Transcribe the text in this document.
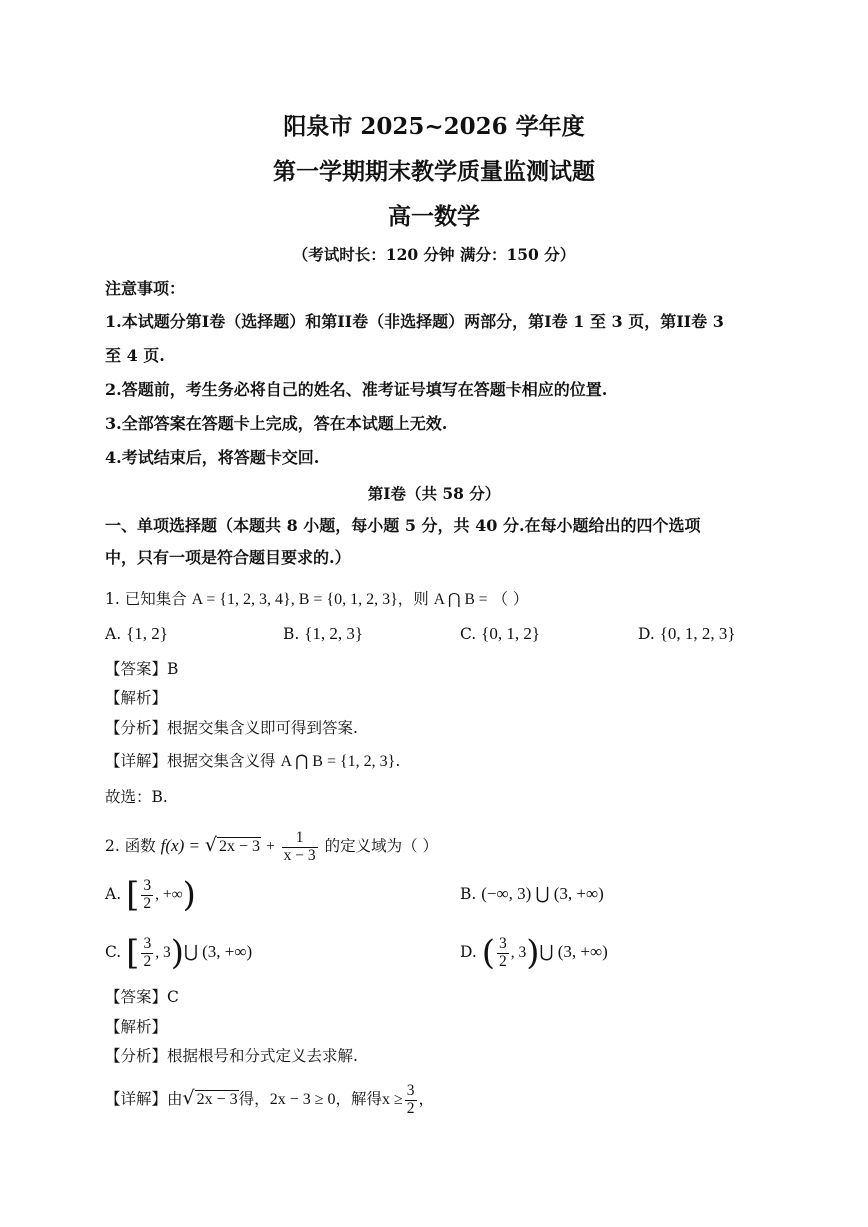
阳泉市 2025~2026 学年度
第一学期期末教学质量监测试题
高一数学
（考试时长：120 分钟 满分：150 分）
注意事项：
1.本试题分第I卷（选择题）和第II卷（非选择题）两部分，第I卷 1 至 3 页，第II卷 3
至 4 页.
2.答题前，考生务必将自己的姓名、准考证号填写在答题卡相应的位置.
3.全部答案在答题卡上完成，答在本试题上无效.
4.考试结束后，将答题卡交回.
第I卷（共 58 分）
一、单项选择题（本题共 8 小题，每小题 5 分，共 40 分.在每小题给出的四个选项
中，只有一项是符合题目要求的.）
1. 已知集合 A = {1, 2, 3, 4}, B = {0, 1, 2, 3}，则 A ⋂ B = （ ）
A. {1, 2}	B. {1, 2, 3}	C. {0, 1, 2}	D. {0, 1, 2, 3}
【答案】B
【解析】
【分析】根据交集含义即可得到答案.
【详解】根据交集含义得 A ⋂ B = {1, 2, 3}.
故选：B.
2. 函数 f(x) = √ $2x - 3 + \frac{1}{x - 3}$ 的定义域为（ ）
A. [ $\frac{3}{2}$ , +∞)	B. (−∞, 3) ⋃ (3, +∞)
C. [ $\frac{3}{2}$ , 3)⋃ (3, +∞)	D. ( $\frac{3}{2}$ , 3)⋃ (3, +∞)
【答案】C
【解析】
【分析】根据根号和分式定义去求解.
【详解】由√ 2x − 3得，2x − 3 ≥ 0，解得$x \ge \frac{3}{2}$ ，
